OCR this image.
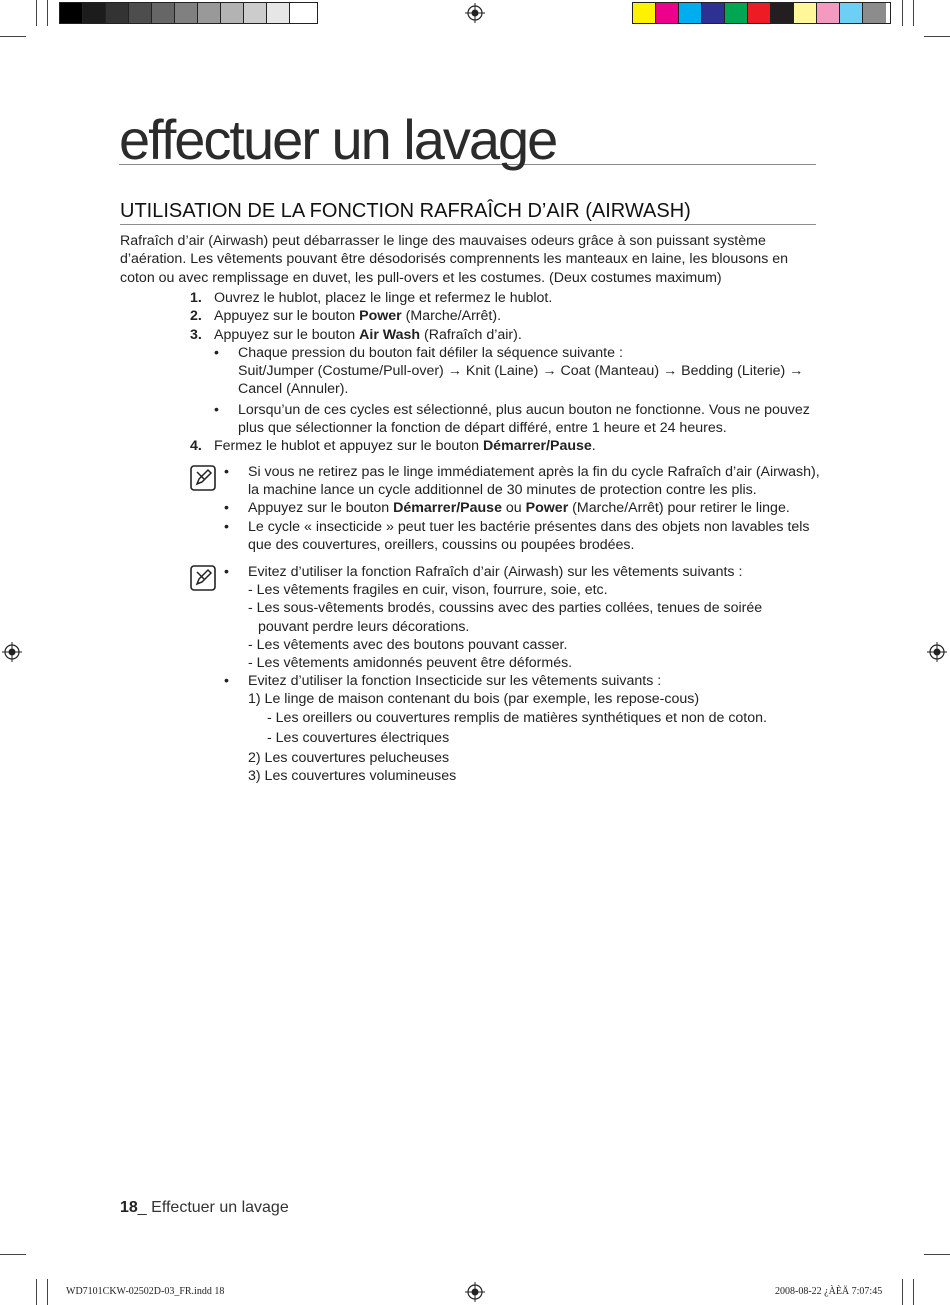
effectuer un lavage
UTILISATION DE LA FONCTION RAFRAÎCH D’AIR (AIRWASH)
Rafraîch d’air (Airwash) peut débarrasser le linge des mauvaises odeurs grâce à son puissant système d’aération. Les vêtements pouvant être désodorisés comprennents les manteaux en laine, les blousons en coton ou avec remplissage en duvet, les pull-overs et les costumes. (Deux costumes maximum)
1. Ouvrez le hublot, placez le linge et refermez le hublot.
2. Appuyez sur le bouton Power (Marche/Arrêt).
3. Appuyez sur le bouton Air Wash (Rafraîch d’air).
• Chaque pression du bouton fait défiler la séquence suivante :
Suit/Jumper (Costume/Pull-over) → Knit (Laine) → Coat (Manteau) → Bedding (Literie) → Cancel (Annuler).
• Lorsqu’un de ces cycles est sélectionné, plus aucun bouton ne fonctionne. Vous ne pouvez plus que sélectionner la fonction de départ différé, entre 1 heure et 24 heures.
4. Fermez le hublot et appuyez sur le bouton Démarrer/Pause.
• Si vous ne retirez pas le linge immédiatement après la fin du cycle Rafraîch d’air (Airwash), la machine lance un cycle additionnel de 30 minutes de protection contre les plis.
• Appuyez sur le bouton Démarrer/Pause ou Power (Marche/Arrêt) pour retirer le linge.
• Le cycle « insecticide » peut tuer les bactérie présentes dans des objets non lavables tels que des couvertures, oreillers, coussins ou poupées brodées.
• Evitez d’utiliser la fonction Rafraîch d’air (Airwash) sur les vêtements suivants :
- Les vêtements fragiles en cuir, vison, fourrure, soie, etc.
- Les sous-vêtements brodés, coussins avec des parties collées, tenues de soirée
pouvant perdre leurs décorations.
- Les vêtements avec des boutons pouvant casser.
- Les vêtements amidonnés peuvent être déformés.
• Evitez d’utiliser la fonction Insecticide sur les vêtements suivants :
1) Le linge de maison contenant du bois (par exemple, les repose-cous)
- Les oreillers ou couvertures remplis de matières synthétiques et non de coton.
- Les couvertures électriques
2) Les couvertures pelucheuses
3) Les couvertures volumineuses
18_ Effectuer un lavage
WD7101CKW-02502D-03_FR.indd 18	2008-08-22 ¿ÀÈÄ 7:07:45
